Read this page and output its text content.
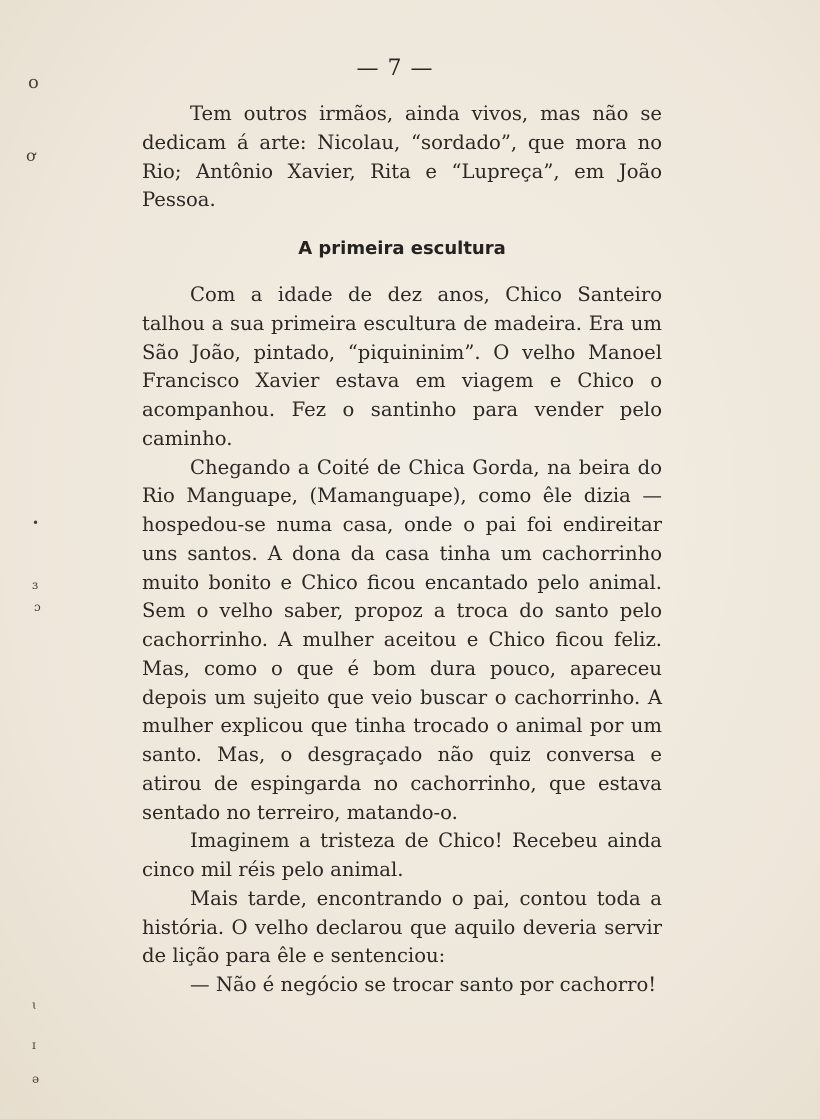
o
ơ
•
ɜ
ɔ
ɩ
ɪ
ə
— 7 —

Tem outros irmãos, ainda vivos, mas não se dedicam á arte: Nicolau, “sordado”, que mora no Rio; Antônio Xavier, Rita e “Lupreça”, em João Pessoa.

A primeira escultura

Com a idade de dez anos, Chico Santeiro talhou a sua primeira escultura de madeira. Era um São João, pintado, “piquininim”. O velho Manoel Francisco Xavier estava em viagem e Chico o acompanhou. Fez o santinho para vender pelo caminho.

Chegando a Coité de Chica Gorda, na beira do Rio Manguape, (Mamanguape), como êle dizia — hospedou-se numa casa, onde o pai foi endireitar uns santos. A dona da casa tinha um cachorrinho muito bonito e Chico ficou encantado pelo animal. Sem o velho saber, propoz a troca do santo pelo cachorrinho. A mulher aceitou e Chico ficou feliz. Mas, como o que é bom dura pouco, apareceu depois um sujeito que veio buscar o cachorrinho. A mulher explicou que tinha trocado o animal por um santo. Mas, o desgraçado não quiz conversa e atirou de espingarda no cachorrinho, que estava sentado no terreiro, matando-o.

Imaginem a tristeza de Chico! Recebeu ainda cinco mil réis pelo animal.

Mais tarde, encontrando o pai, contou toda a história. O velho declarou que aquilo deveria servir de lição para êle e sentenciou:

— Não é negócio se trocar santo por cachorro!
